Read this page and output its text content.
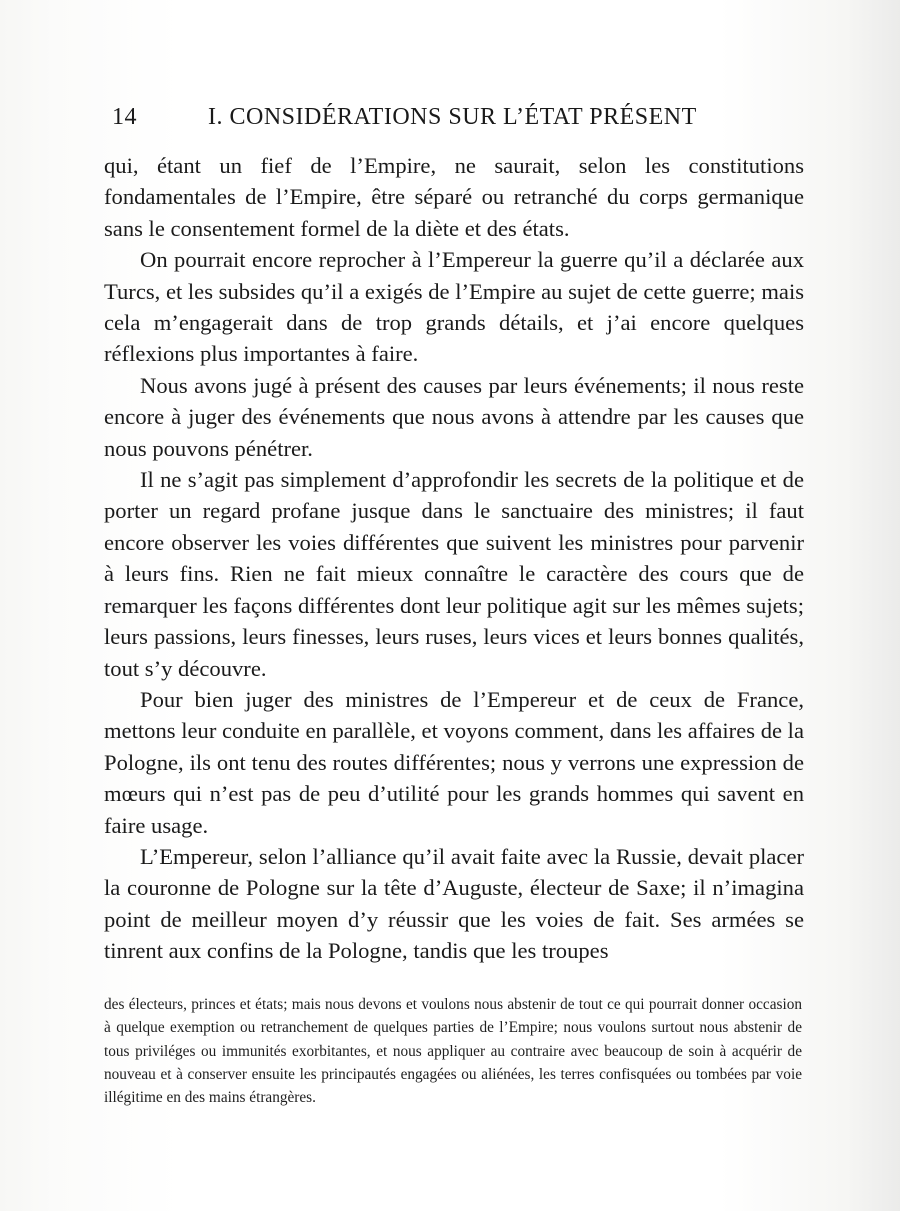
14	I. CONSIDÉRATIONS SUR L’ÉTAT PRÉSENT

qui, étant un fief de l’Empire, ne saurait, selon les constitutions fondamentales de l’Empire, être séparé ou retranché du corps germanique sans le consentement formel de la diète et des états.

On pourrait encore reprocher à l’Empereur la guerre qu’il a déclarée aux Turcs, et les subsides qu’il a exigés de l’Empire au sujet de cette guerre; mais cela m’engagerait dans de trop grands détails, et j’ai encore quelques réflexions plus importantes à faire.

Nous avons jugé à présent des causes par leurs événements; il nous reste encore à juger des événements que nous avons à attendre par les causes que nous pouvons pénétrer.

Il ne s’agit pas simplement d’approfondir les secrets de la politique et de porter un regard profane jusque dans le sanctuaire des ministres; il faut encore observer les voies différentes que suivent les ministres pour parvenir à leurs fins. Rien ne fait mieux connaître le caractère des cours que de remarquer les façons différentes dont leur politique agit sur les mêmes sujets; leurs passions, leurs finesses, leurs ruses, leurs vices et leurs bonnes qualités, tout s’y découvre.

Pour bien juger des ministres de l’Empereur et de ceux de France, mettons leur conduite en parallèle, et voyons comment, dans les affaires de la Pologne, ils ont tenu des routes différentes; nous y verrons une expression de mœurs qui n’est pas de peu d’utilité pour les grands hommes qui savent en faire usage.

L’Empereur, selon l’alliance qu’il avait faite avec la Russie, devait placer la couronne de Pologne sur la tête d’Auguste, électeur de Saxe; il n’imagina point de meilleur moyen d’y réussir que les voies de fait. Ses armées se tinrent aux confins de la Pologne, tandis que les troupes

des électeurs, princes et états; mais nous devons et voulons nous abstenir de tout ce qui pourrait donner occasion à quelque exemption ou retranchement de quelques parties de l’Empire; nous voulons surtout nous abstenir de tous priviléges ou immunités exorbitantes, et nous appliquer au contraire avec beaucoup de soin à acquérir de nouveau et à conserver ensuite les principautés engagées ou aliénées, les terres confisquées ou tombées par voie illégitime en des mains étrangères.
